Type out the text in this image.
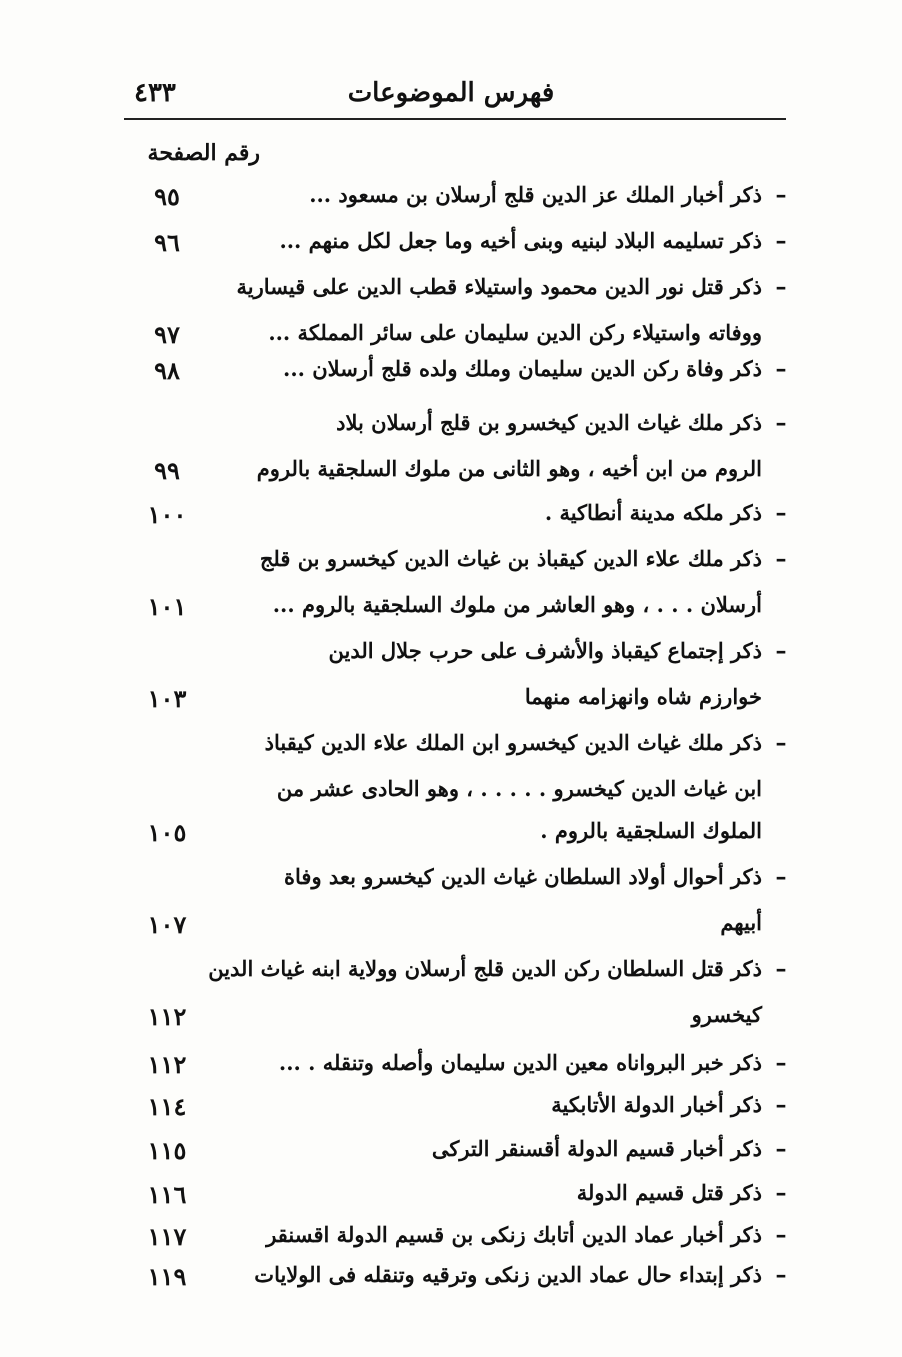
فهرس الموضوعات
٤٣٣
رقم الصفحة
–
ذكر أخبار الملك عز الدين قلج أرسلان بن مسعود ...
٩٥
–
ذكر تسليمه البلاد لبنيه وبنى أخيه وما جعل لكل منهم ...
٩٦
–
ذكر قتل نور الدين محمود واستيلاء قطب الدين على قيسارية
ووفاته واستيلاء ركن الدين سليمان على سائر المملكة ...
٩٧
–
ذكر وفاة ركن الدين سليمان وملك ولده قلج أرسلان ...
٩٨
–
ذكر ملك غياث الدين كيخسرو بن قلج أرسلان بلاد
الروم من ابن أخيه ، وهو الثانى من ملوك السلجقية بالروم
٩٩
–
ذكر ملكه مدينة أنطاكية .
١٠٠
–
ذكر ملك علاء الدين كيقباذ بن غياث الدين كيخسرو بن قلج
أرسلان . . . ، وهو العاشر من ملوك السلجقية بالروم ...
١٠١
–
ذكر إجتماع كيقباذ والأشرف على حرب جلال الدين
خوارزم شاه وانهزامه منهما
١٠٣
–
ذكر ملك غياث الدين كيخسرو ابن الملك علاء الدين كيقباذ
ابن غياث الدين كيخسرو . . . . . ، وهو الحادى عشر من
الملوك السلجقية بالروم .
١٠٥
–
ذكر أحوال أولاد السلطان غياث الدين كيخسرو بعد وفاة
أبيهم
١٠٧
–
ذكر قتل السلطان ركن الدين قلج أرسلان وولاية ابنه غياث الدين
كيخسرو
١١٢
–
ذكر خبر البرواناه معين الدين سليمان وأصله وتنقله . ...
١١٢
–
ذكر أخبار الدولة الأتابكية
١١٤
–
ذكر أخبار قسيم الدولة أقسنقر التركى
١١٥
–
ذكر قتل قسيم الدولة
١١٦
–
ذكر أخبار عماد الدين أتابك زنكى بن قسيم الدولة اقسنقر
١١٧
–
ذكر إبتداء حال عماد الدين زنكى وترقيه وتنقله فى الولايات
١١٩
